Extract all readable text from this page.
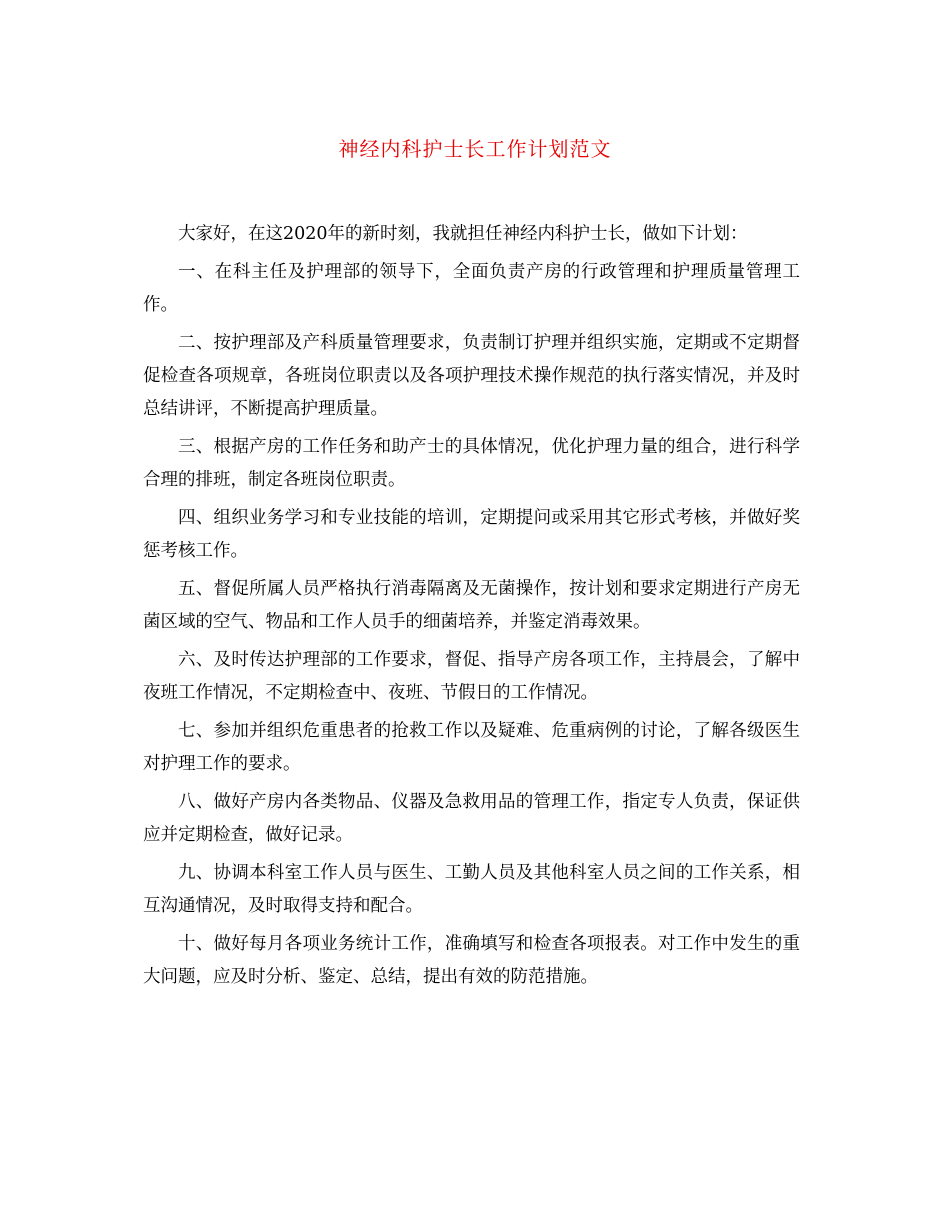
神经内科护士长工作计划范文

大家好，在这2020年的新时刻，我就担任神经内科护士长，做如下计划：

一、在科主任及护理部的领导下，全面负责产房的行政管理和护理质量管理工作。

二、按护理部及产科质量管理要求，负责制订护理并组织实施，定期或不定期督促检查各项规章，各班岗位职责以及各项护理技术操作规范的执行落实情况，并及时总结讲评，不断提高护理质量。

三、根据产房的工作任务和助产士的具体情况，优化护理力量的组合，进行科学合理的排班，制定各班岗位职责。

四、组织业务学习和专业技能的培训，定期提问或采用其它形式考核，并做好奖惩考核工作。

五、督促所属人员严格执行消毒隔离及无菌操作，按计划和要求定期进行产房无菌区域的空气、物品和工作人员手的细菌培养，并鉴定消毒效果。

六、及时传达护理部的工作要求，督促、指导产房各项工作，主持晨会，了解中夜班工作情况，不定期检查中、夜班、节假日的工作情况。

七、参加并组织危重患者的抢救工作以及疑难、危重病例的讨论，了解各级医生对护理工作的要求。

八、做好产房内各类物品、仪器及急救用品的管理工作，指定专人负责，保证供应并定期检查，做好记录。

九、协调本科室工作人员与医生、工勤人员及其他科室人员之间的工作关系，相互沟通情况，及时取得支持和配合。

十、做好每月各项业务统计工作，准确填写和检查各项报表。对工作中发生的重大问题，应及时分析、鉴定、总结，提出有效的防范措施。
